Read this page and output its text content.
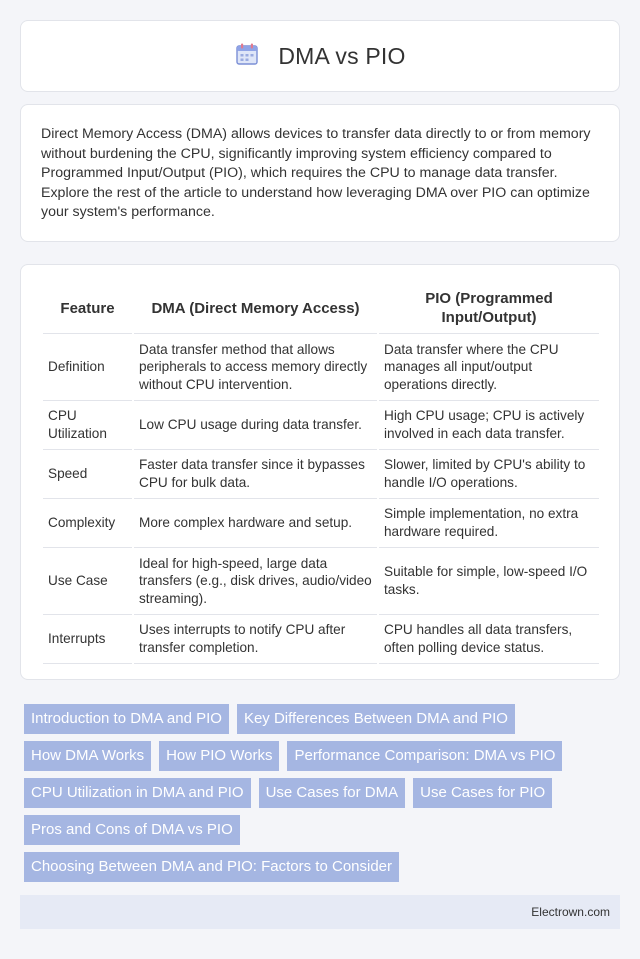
DMA vs PIO

Direct Memory Access (DMA) allows devices to transfer data directly to or from memory without burdening the CPU, significantly improving system efficiency compared to Programmed Input/Output (PIO), which requires the CPU to manage data transfer. Explore the rest of the article to understand how leveraging DMA over PIO can optimize your system's performance.

Feature	DMA (Direct Memory Access)	PIO (Programmed Input/Output)
Definition	Data transfer method that allows peripherals to access memory directly without CPU intervention.	Data transfer where the CPU manages all input/output operations directly.
CPU Utilization	Low CPU usage during data transfer.	High CPU usage; CPU is actively involved in each data transfer.
Speed	Faster data transfer since it bypasses CPU for bulk data.	Slower, limited by CPU's ability to handle I/O operations.
Complexity	More complex hardware and setup.	Simple implementation, no extra hardware required.
Use Case	Ideal for high-speed, large data transfers (e.g., disk drives, audio/video streaming).	Suitable for simple, low-speed I/O tasks.
Interrupts	Uses interrupts to notify CPU after transfer completion.	CPU handles all data transfers, often polling device status.
Introduction to DMA and PIO	Key Differences Between DMA and PIO
How DMA Works	How PIO Works	Performance Comparison: DMA vs PIO
CPU Utilization in DMA and PIO	Use Cases for DMA	Use Cases for PIO
Pros and Cons of DMA vs PIO
Choosing Between DMA and PIO: Factors to Consider
Electrown.com
